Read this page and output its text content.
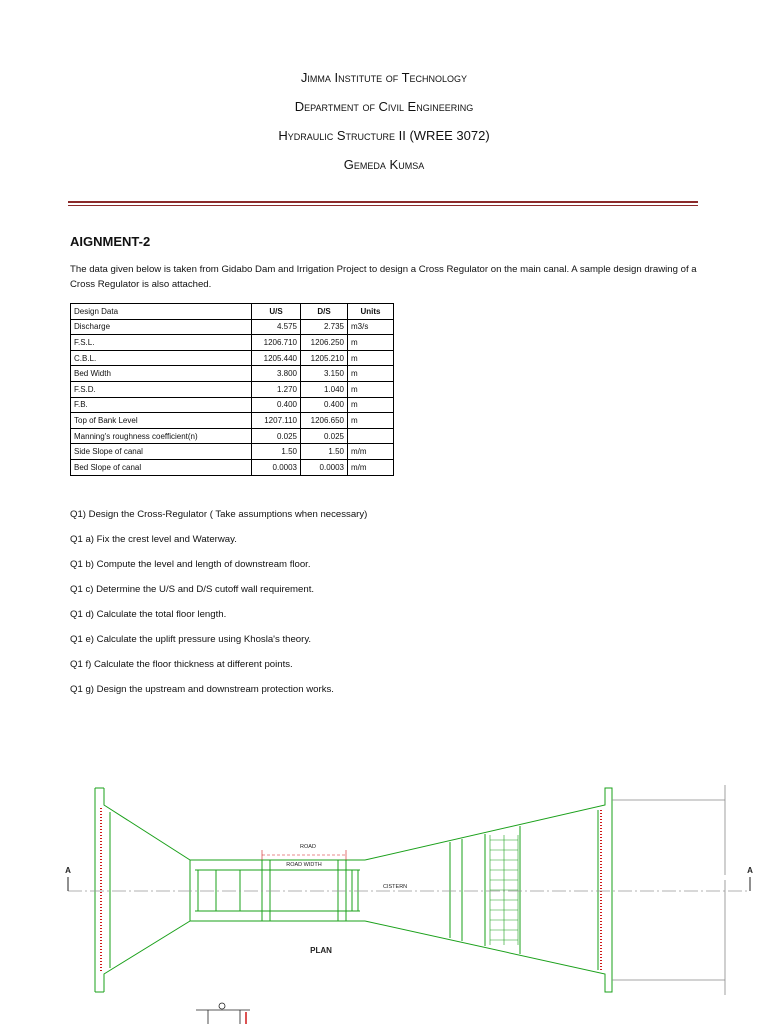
Jimma Institute of Technology
Department of Civil Engineering
Hydraulic Structure II (WREE 3072)
Gemeda Kumsa
AIGNMENT-2
The data given below is taken from Gidabo Dam and Irrigation Project to design a Cross Regulator on the main canal. A sample design drawing of a Cross Regulator is also attached.
Design Data	U/S	D/S	Units
Discharge	4.575	2.735	m3/s
F.S.L.	1206.710	1206.250	m
C.B.L.	1205.440	1205.210	m
Bed Width	3.800	3.150	m
F.S.D.	1.270	1.040	m
F.B.	0.400	0.400	m
Top of Bank Level	1207.110	1206.650	m
Manning's roughness coefficient(n)	0.025	0.025	
Side Slope of canal	1.50	1.50	m/m
Bed Slope of canal	0.0003	0.0003	m/m
Q1) Design the Cross-Regulator ( Take assumptions when necessary)
Q1 a) Fix the crest level and Waterway.
Q1 b) Compute the level and length of downstream floor.
Q1 c) Determine the U/S and D/S cutoff wall requirement.
Q1 d) Calculate the total floor length.
Q1 e) Calculate the uplift pressure using Khosla's theory.
Q1 f) Calculate the floor thickness at different points.
Q1 g) Design the upstream and downstream protection works.
A	A
ROAD
ROAD WIDTH
CISTERN
PLAN
